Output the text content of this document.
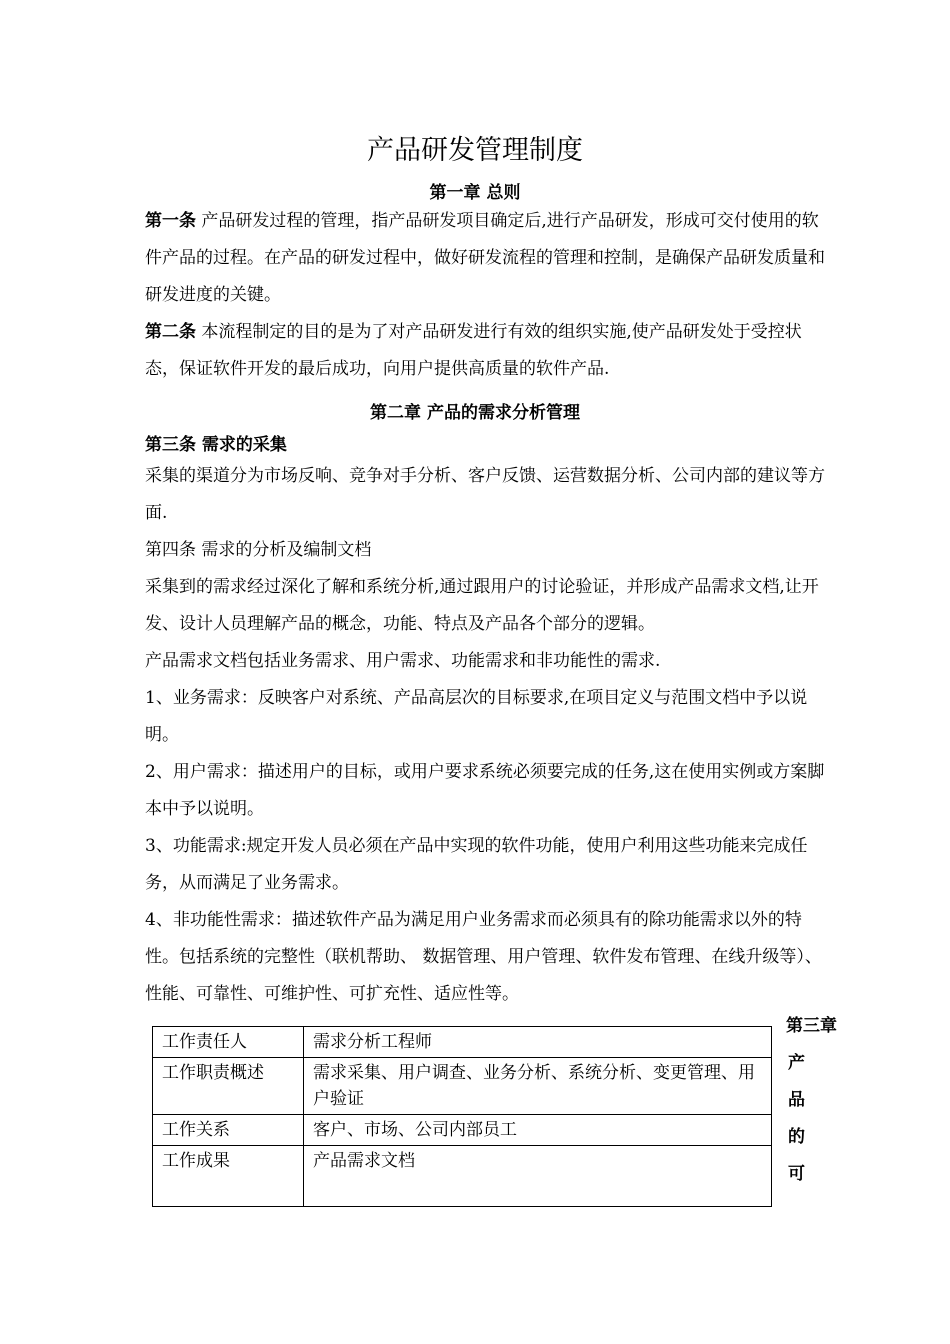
产品研发管理制度
第一章 总则
第一条 产品研发过程的管理，指产品研发项目确定后,进行产品研发，形成可交付使用的软件产品的过程。在产品的研发过程中，做好研发流程的管理和控制，是确保产品研发质量和研发进度的关键。
第二条 本流程制定的目的是为了对产品研发进行有效的组织实施,使产品研发处于受控状态，保证软件开发的最后成功，向用户提供高质量的软件产品.
第二章 产品的需求分析管理
第三条 需求的采集
采集的渠道分为市场反响、竞争对手分析、客户反馈、运营数据分析、公司内部的建议等方面.
第四条 需求的分析及编制文档
采集到的需求经过深化了解和系统分析,通过跟用户的讨论验证，并形成产品需求文档,让开发、设计人员理解产品的概念，功能、特点及产品各个部分的逻辑。
产品需求文档包括业务需求、用户需求、功能需求和非功能性的需求.
1、业务需求：反映客户对系统、产品高层次的目标要求,在项目定义与范围文档中予以说明。
2、用户需求：描述用户的目标，或用户要求系统必须要完成的任务,这在使用实例或方案脚本中予以说明。
3、功能需求:规定开发人员必须在产品中实现的软件功能，使用户利用这些功能来完成任务，从而满足了业务需求。
4、非功能性需求：描述软件产品为满足用户业务需求而必须具有的除功能需求以外的特性。包括系统的完整性（联机帮助、 数据管理、用户管理、软件发布管理、在线升级等）、性能、可靠性、可维护性、可扩充性、适应性等。
工作责任人	需求分析工程师
工作职责概述	需求采集、用户调查、业务分析、系统分析、变更管理、用户验证
工作关系	客户、市场、公司内部员工
工作成果	产品需求文档
第三章
产
品
的
可
